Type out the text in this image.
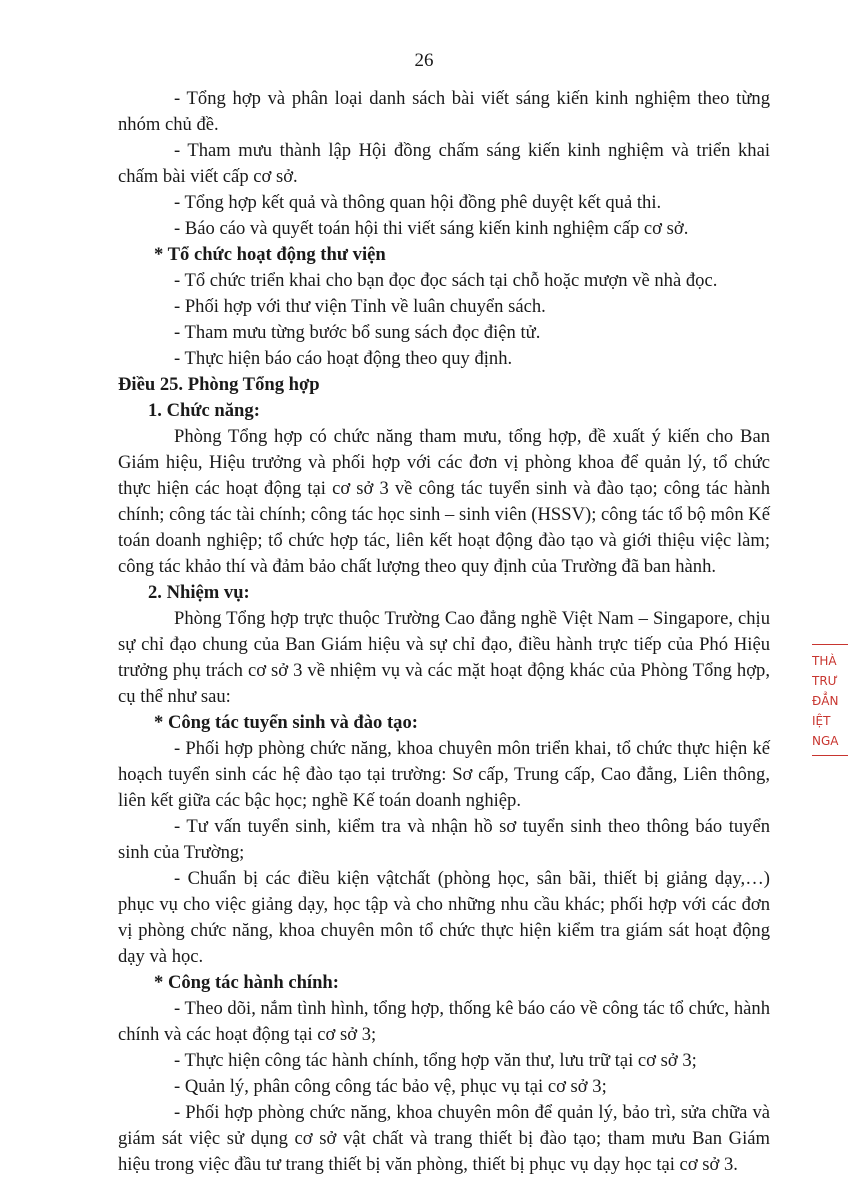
26

- Tổng hợp và phân loại danh sách bài viết sáng kiến kinh nghiệm theo từng nhóm chủ đề.

- Tham mưu thành lập Hội đồng chấm sáng kiến kinh nghiệm và triển khai chấm bài viết cấp cơ sở.

- Tổng hợp kết quả và thông quan hội đồng phê duyệt kết quả thi.

- Báo cáo và quyết toán hội thi viết sáng kiến kinh nghiệm cấp cơ sở.

* Tổ chức hoạt động thư viện

- Tổ chức triển khai cho bạn đọc đọc sách tại chỗ hoặc mượn về nhà đọc.

- Phối hợp với thư viện Tỉnh về luân chuyển sách.

- Tham mưu từng bước bổ sung sách đọc điện tử.

- Thực hiện báo cáo hoạt động theo quy định.

Điều 25. Phòng Tổng hợp

1. Chức năng:

Phòng Tổng hợp có chức năng tham mưu, tổng hợp, đề xuất ý kiến cho Ban Giám hiệu, Hiệu trưởng và phối hợp với các đơn vị phòng khoa để quản lý, tổ chức thực hiện các hoạt động tại cơ sở 3 về công tác tuyển sinh và đào tạo; công tác hành chính; công tác tài chính; công tác học sinh – sinh viên (HSSV); công tác tổ bộ môn Kế toán doanh nghiệp; tổ chức hợp tác, liên kết hoạt động đào tạo và giới thiệu việc làm; công tác khảo thí và đảm bảo chất lượng theo quy định của Trường đã ban hành.

2. Nhiệm vụ:

Phòng Tổng hợp trực thuộc Trường Cao đẳng nghề Việt Nam – Singapore, chịu sự chỉ đạo chung của Ban Giám hiệu và sự chỉ đạo, điều hành trực tiếp của Phó Hiệu trưởng phụ trách cơ sở 3 về nhiệm vụ và các mặt hoạt động khác của Phòng Tổng hợp, cụ thể như sau:

* Công tác tuyển sinh và đào tạo:

- Phối hợp phòng chức năng, khoa chuyên môn triển khai, tổ chức thực hiện kế hoạch tuyển sinh các hệ đào tạo tại trường: Sơ cấp, Trung cấp, Cao đẳng, Liên thông, liên kết giữa các bậc học; nghề Kế toán doanh nghiệp.

- Tư vấn tuyển sinh, kiểm tra và nhận hồ sơ tuyển sinh theo thông báo tuyển sinh của Trường;

- Chuẩn bị các điều kiện vậtchất (phòng học, sân bãi, thiết bị giảng dạy,…) phục vụ cho việc giảng dạy, học tập và cho những nhu cầu khác; phối hợp với các đơn vị phòng chức năng, khoa chuyên môn tổ chức thực hiện kiểm tra giám sát hoạt động dạy và học.

* Công tác hành chính:

- Theo dõi, nắm tình hình, tổng hợp, thống kê báo cáo về công tác tổ chức, hành chính và các hoạt động tại cơ sở 3;

- Thực hiện công tác hành chính, tổng hợp văn thư, lưu trữ tại cơ sở 3;

- Quản lý, phân công công tác bảo vệ, phục vụ tại cơ sở 3;

- Phối hợp phòng chức năng, khoa chuyên môn để quản lý, bảo trì, sửa chữa và giám sát việc sử dụng cơ sở vật chất và trang thiết bị đào tạo; tham mưu Ban Giám hiệu trong việc đầu tư trang thiết bị văn phòng, thiết bị phục vụ dạy học tại cơ sở 3.

THÀ
TRƯ
ĐẲN
IỆT
NGA
